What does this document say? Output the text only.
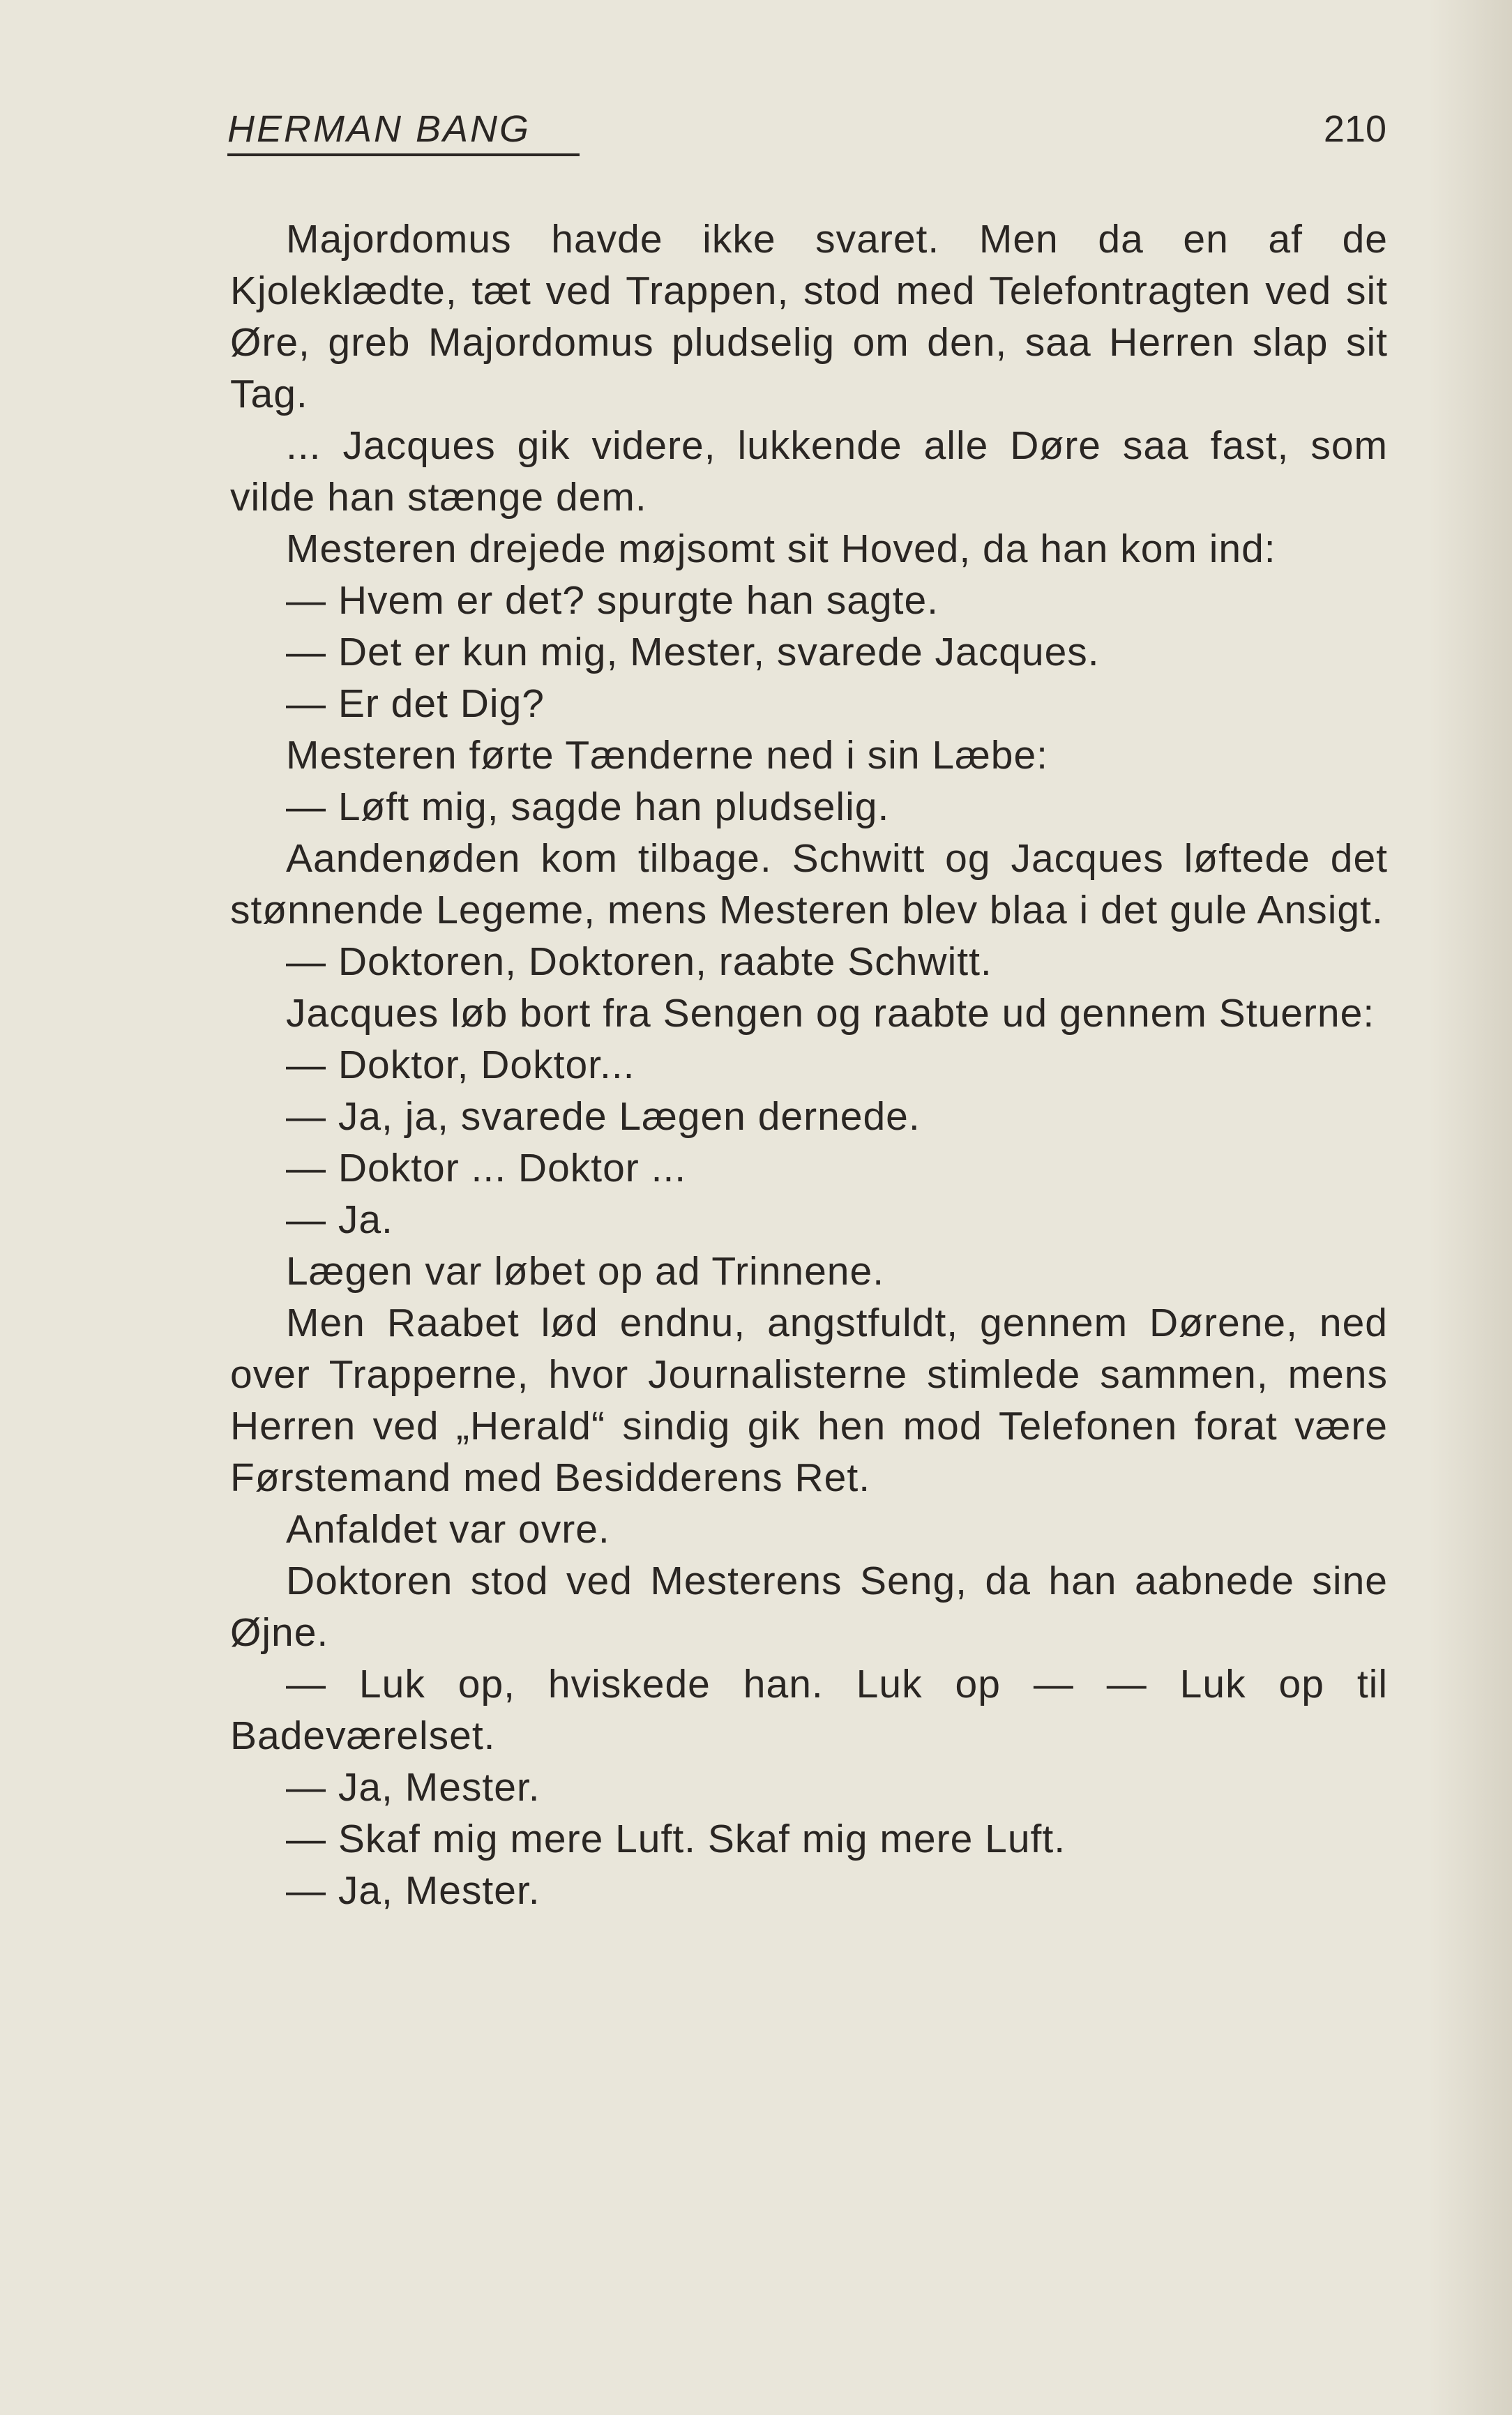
HERMAN BANG	210

Majordomus havde ikke svaret. Men da en af de Kjoleklædte, tæt ved Trappen, stod med Telefontragten ved sit Øre, greb Majordomus pludselig om den, saa Herren slap sit Tag.

... Jacques gik videre, lukkende alle Døre saa fast, som vilde han stænge dem.

Mesteren drejede møjsomt sit Hoved, da han kom ind:

— Hvem er det? spurgte han sagte.

— Det er kun mig, Mester, svarede Jacques.

— Er det Dig?

Mesteren førte Tænderne ned i sin Læbe:

— Løft mig, sagde han pludselig.

Aandenøden kom tilbage. Schwitt og Jacques løftede det stønnende Legeme, mens Mesteren blev blaa i det gule Ansigt.

— Doktoren, Doktoren, raabte Schwitt.

Jacques løb bort fra Sengen og raabte ud gennem Stuerne:

— Doktor, Doktor...

— Ja, ja, svarede Lægen dernede.

— Doktor ... Doktor ...

— Ja.

Lægen var løbet op ad Trinnene.

Men Raabet lød endnu, angstfuldt, gennem Dørene, ned over Trapperne, hvor Journalisterne stimlede sammen, mens Herren ved „Herald“ sindig gik hen mod Telefonen forat være Førstemand med Besidderens Ret.

Anfaldet var ovre.

Doktoren stod ved Mesterens Seng, da han aabnede sine Øjne.

— Luk op, hviskede han. Luk op — — Luk op til Badeværelset.

— Ja, Mester.

— Skaf mig mere Luft. Skaf mig mere Luft.

— Ja, Mester.
